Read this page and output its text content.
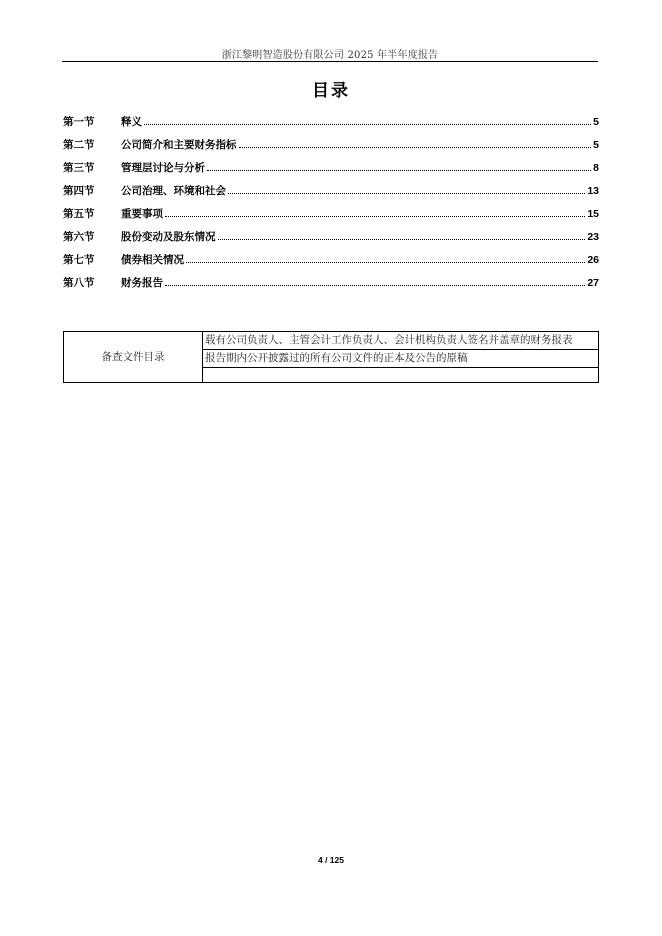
浙江黎明智造股份有限公司 2025 年半年度报告
目录
第一节	释义	5
第二节	公司简介和主要财务指标	5
第三节	管理层讨论与分析	8
第四节	公司治理、环境和社会	13
第五节	重要事项	15
第六节	股份变动及股东情况	23
第七节	债券相关情况	26
第八节	财务报告	27
备查文件目录	载有公司负责人、主管会计工作负责人、会计机构负责人签名并盖章的财务报表
报告期内公开披露过的所有公司文件的正本及公告的原稿

4 / 125
